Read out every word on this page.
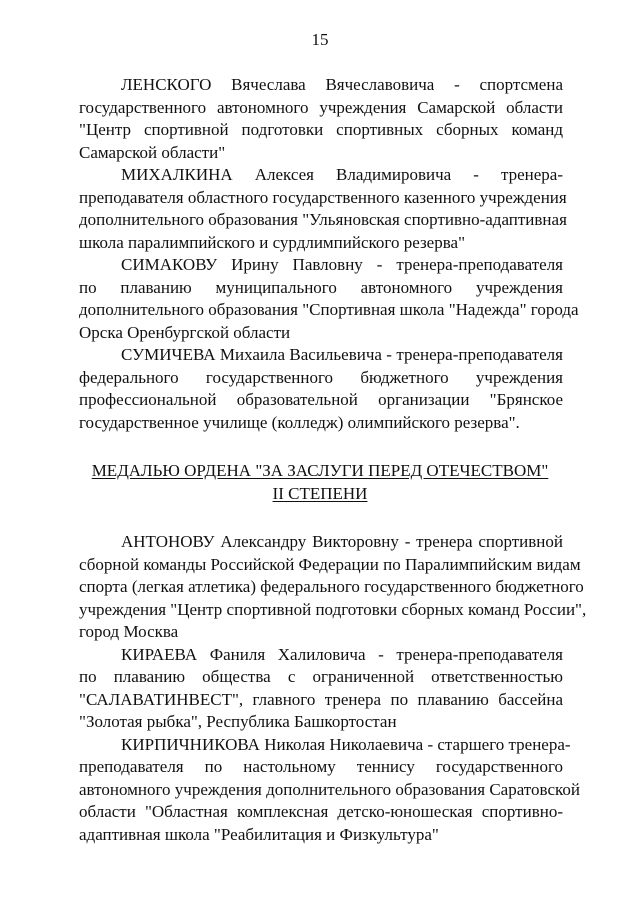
15
ЛЕНСКОГО Вячеслава Вячеславовича - спортсмена
государственного автономного учреждения Самарской области
"Центр спортивной подготовки спортивных сборных команд
Самарской области"
МИХАЛКИНА Алексея Владимировича - тренера-
преподавателя областного государственного казенного учреждения
дополнительного образования "Ульяновская спортивно-адаптивная
школа паралимпийского и сурдлимпийского резерва"
СИМАКОВУ Ирину Павловну - тренера-преподавателя
по плаванию муниципального автономного учреждения
дополнительного образования "Спортивная школа "Надежда" города
Орска Оренбургской области
СУМИЧЕВА Михаила Васильевича - тренера-преподавателя
федерального государственного бюджетного учреждения
профессиональной образовательной организации "Брянское
государственное училище (колледж) олимпийского резерва".
МЕДАЛЬЮ ОРДЕНА "ЗА ЗАСЛУГИ ПЕРЕД ОТЕЧЕСТВОМ"
II СТЕПЕНИ
АНТОНОВУ Александру Викторовну - тренера спортивной
сборной команды Российской Федерации по Паралимпийским видам
спорта (легкая атлетика) федерального государственного бюджетного
учреждения "Центр спортивной подготовки сборных команд России",
город Москва
КИРАЕВА Фаниля Халиловича - тренера-преподавателя
по плаванию общества с ограниченной ответственностью
"САЛАВАТИНВЕСТ", главного тренера по плаванию бассейна
"Золотая рыбка", Республика Башкортостан
КИРПИЧНИКОВА Николая Николаевича - старшего тренера-
преподавателя по настольному теннису государственного
автономного учреждения дополнительного образования Саратовской
области "Областная комплексная детско-юношеская спортивно-
адаптивная школа "Реабилитация и Физкультура"
